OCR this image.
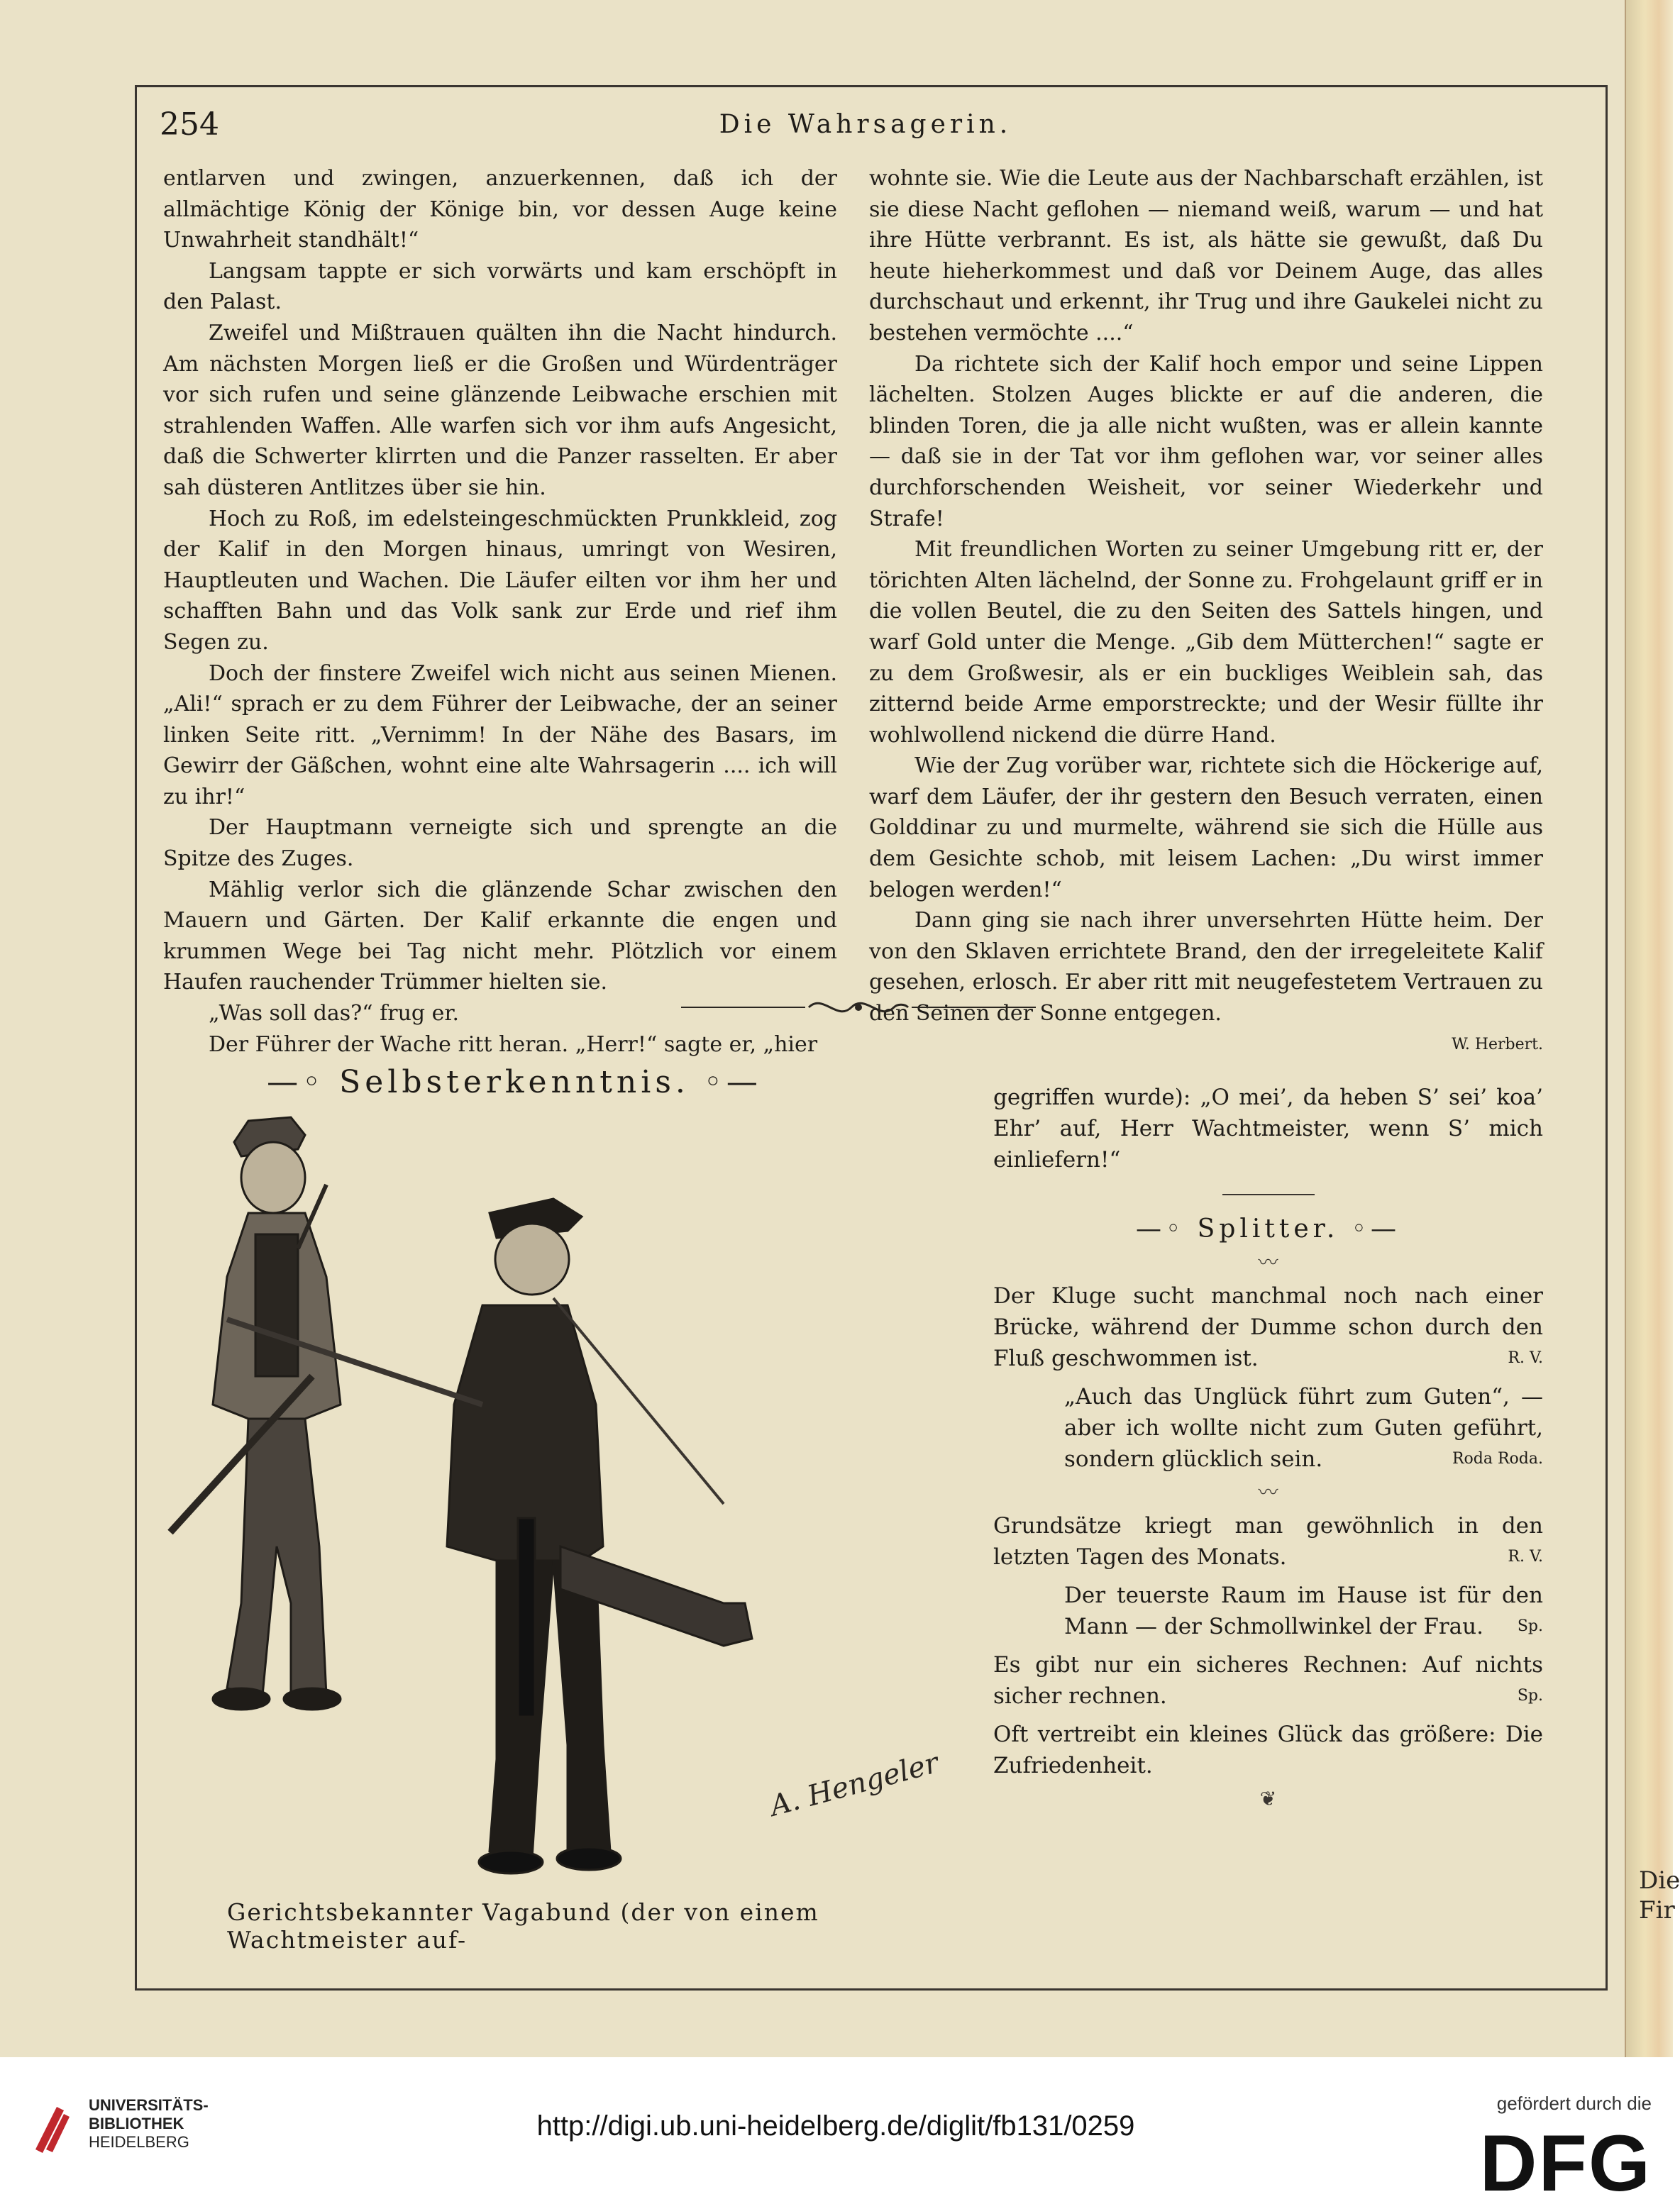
Die
Fir
254	Die Wahrsagerin.

entlarven und zwingen, anzuerkennen, daß ich der allmächtige König der Könige bin, vor dessen Auge keine Unwahrheit standhält!“

Langsam tappte er sich vorwärts und kam erschöpft in den Palast.

Zweifel und Mißtrauen quälten ihn die Nacht hindurch. Am nächsten Morgen ließ er die Großen und Würdenträger vor sich rufen und seine glänzende Leibwache erschien mit strahlenden Waffen. Alle warfen sich vor ihm aufs Angesicht, daß die Schwerter klirrten und die Panzer rasselten. Er aber sah düsteren Antlitzes über sie hin.

Hoch zu Roß, im edelsteingeschmückten Prunkkleid, zog der Kalif in den Morgen hinaus, umringt von Wesiren, Hauptleuten und Wachen. Die Läufer eilten vor ihm her und schafften Bahn und das Volk sank zur Erde und rief ihm Segen zu.

Doch der finstere Zweifel wich nicht aus seinen Mienen. „Ali!“ sprach er zu dem Führer der Leibwache, der an seiner linken Seite ritt. „Vernimm! In der Nähe des Basars, im Gewirr der Gäßchen, wohnt eine alte Wahrsagerin .... ich will zu ihr!“

Der Hauptmann verneigte sich und sprengte an die Spitze des Zuges.

Mählig verlor sich die glänzende Schar zwischen den Mauern und Gärten. Der Kalif erkannte die engen und krummen Wege bei Tag nicht mehr. Plötzlich vor einem Haufen rauchender Trümmer hielten sie.

„Was soll das?“ frug er.

Der Führer der Wache ritt heran. „Herr!“ sagte er, „hier

wohnte sie. Wie die Leute aus der Nachbarschaft erzählen, ist sie diese Nacht geflohen — niemand weiß, warum — und hat ihre Hütte verbrannt. Es ist, als hätte sie gewußt, daß Du heute hieherkommest und daß vor Deinem Auge, das alles durchschaut und erkennt, ihr Trug und ihre Gaukelei nicht zu bestehen vermöchte ....“

Da richtete sich der Kalif hoch empor und seine Lippen lächelten. Stolzen Auges blickte er auf die anderen, die blinden Toren, die ja alle nicht wußten, was er allein kannte — daß sie in der Tat vor ihm geflohen war, vor seiner alles durchforschenden Weisheit, vor seiner Wiederkehr und Strafe!

Mit freundlichen Worten zu seiner Umgebung ritt er, der törichten Alten lächelnd, der Sonne zu. Frohgelaunt griff er in die vollen Beutel, die zu den Seiten des Sattels hingen, und warf Gold unter die Menge. „Gib dem Mütterchen!“ sagte er zu dem Großwesir, als er ein buckliges Weiblein sah, das zitternd beide Arme emporstreckte; und der Wesir füllte ihr wohlwollend nickend die dürre Hand.

Wie der Zug vorüber war, richtete sich die Höckerige auf, warf dem Läufer, der ihr gestern den Besuch verraten, einen Golddinar zu und murmelte, während sie sich die Hülle aus dem Gesichte schob, mit leisem Lachen: „Du wirst immer belogen werden!“

Dann ging sie nach ihrer unversehrten Hütte heim. Der von den Sklaven errichtete Brand, den der irregeleitete Kalif gesehen, erlosch. Er aber ritt mit neugefestetem Vertrauen zu den Seinen der Sonne entgegen.

W. Herbert.
—◦ Selbsterkenntnis. ◦—
A. Hengeler
Gerichtsbekannter Vagabund (der von einem Wachtmeister auf-

gegriffen wurde): „O mei’, da heben S’ sei’ koa’ Ehr’ auf, Herr Wachtmeister, wenn S’ mich einliefern!“

—◦ Splitter. ◦—
〰
Der Kluge sucht manchmal noch nach einer Brücke, während der Dumme schon durch den Fluß geschwommen ist.	R. V.
„Auch das Unglück führt zum Guten“, — aber ich wollte nicht zum Guten geführt, sondern glücklich sein.	Roda Roda.
〰
Grundsätze kriegt man gewöhnlich in den letzten Tagen des Monats.	R. V.
Der teuerste Raum im Hause ist für den Mann — der Schmollwinkel der Frau. Sp.
Es gibt nur ein sicheres Rechnen: Auf nichts sicher rechnen.	Sp.
Oft vertreibt ein kleines Glück das größere: Die Zufriedenheit.
❦
UNIVERSITÄTS-
BIBLIOTHEK
HEIDELBERG
http://digi.ub.uni-heidelberg.de/diglit/fb131/0259
gefördert durch die
DFG
